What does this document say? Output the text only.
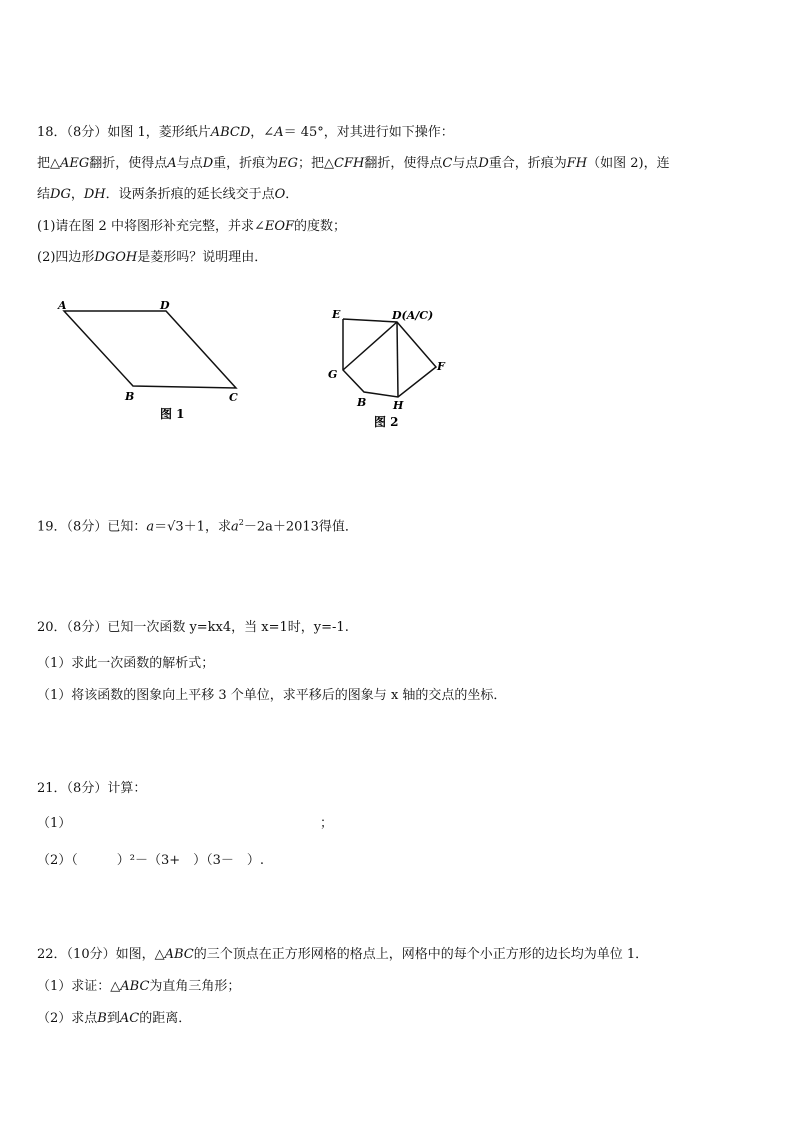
18．（8分）如图 1，菱形纸片ABCD，∠A＝ 45°，对其进行如下操作：
把△AEG翻折，使得点A与点D重，折痕为EG；把△CFH翻折，使得点C与点D重合，折痕为FH（如图 2)，连
结DG，DH．设两条折痕的延长线交于点O．
(1)请在图 2 中将图形补充完整，并求∠EOF的度数；
(2)四边形DGOH是菱形吗？说明理由．
A	D
B	C
图 1
E	D(A/C)
F
G
B H
图 2
19．（8分）已知：a＝√3＋1，求$a^2-2a+2013$得值．
20．（8分）已知一次函数 y=kx4，当 x=1时，y=-1.
（1）求此一次函数的解析式；
（1）将该函数的图象向上平移 3 个单位，求平移后的图象与 x 轴的交点的坐标．
21．（8分）计算：
（1）	；
（2）（　　　）²－（3+　）（3－　）.
22．（10分）如图，△ABC的三个顶点在正方形网格的格点上，网格中的每个小正方形的边长均为单位 1．
（1）求证：△ABC为直角三角形；
（2）求点B到AC的距离．
